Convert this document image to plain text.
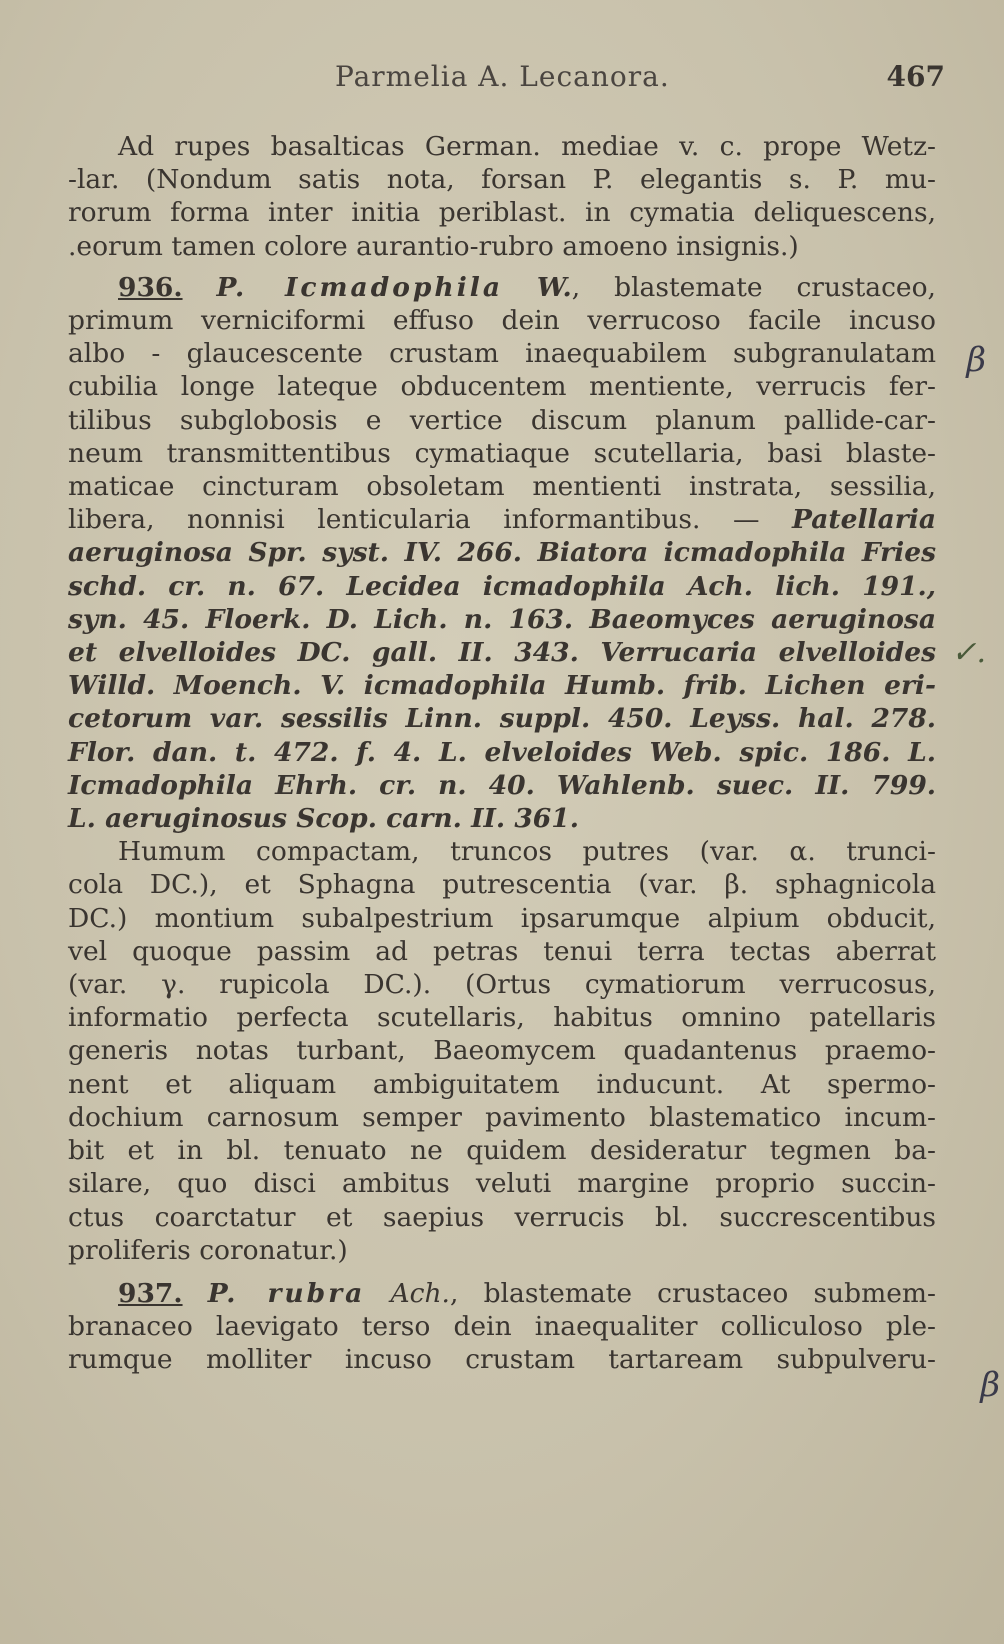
Parmelia A. Lecanora.	467
Ad rupes basalticas German. mediae v. c. prope Wetz-
-lar. (Nondum satis nota, forsan P. elegantis s. P. mu-
rorum forma inter initia periblast. in cymatia deliquescens,
.eorum tamen colore aurantio-rubro amoeno insignis.)
936. P. Icmadophila W., blastemate crustaceo,
primum verniciformi effuso dein verrucoso facile incuso
albo - glaucescente crustam inaequabilem subgranulatam
cubilia longe lateque obducentem mentiente, verrucis fer-
tilibus subglobosis e vertice discum planum pallide-car-
neum transmittentibus cymatiaque scutellaria, basi blaste-
maticae cincturam obsoletam mentienti instrata, sessilia,
libera, nonnisi lenticularia informantibus. — Patellaria
aeruginosa Spr. syst. IV. 266. Biatora icmadophila Fries
schd. cr. n. 67. Lecidea icmadophila Ach. lich. 191.,
syn. 45. Floerk. D. Lich. n. 163. Baeomyces aeruginosa
et elvelloides DC. gall. II. 343. Verrucaria elvelloides
Willd. Moench. V. icmadophila Humb. frib. Lichen eri-
cetorum var. sessilis Linn. suppl. 450. Leyss. hal. 278.
Flor. dan. t. 472. f. 4. L. elveloides Web. spic. 186. L.
Icmadophila Ehrh. cr. n. 40. Wahlenb. suec. II. 799.
L. aeruginosus Scop. carn. II. 361.
Humum compactam, truncos putres (var. α. trunci-
cola DC.), et Sphagna putrescentia (var. β. sphagnicola
DC.) montium subalpestrium ipsarumque alpium obducit,
vel quoque passim ad petras tenui terra tectas aberrat
(var. γ. rupicola DC.). (Ortus cymatiorum verrucosus,
informatio perfecta scutellaris, habitus omnino patellaris
generis notas turbant, Baeomycem quadantenus praemo-
nent et aliquam ambiguitatem inducunt. At spermo-
dochium carnosum semper pavimento blastematico incum-
bit et in bl. tenuato ne quidem desideratur tegmen ba-
silare, quo disci ambitus veluti margine proprio succin-
ctus coarctatur et saepius verrucis bl. succrescentibus
proliferis coronatur.)
937. P. rubra Ach., blastemate crustaceo submem-
branaceo laevigato terso dein inaequaliter colliculoso ple-
rumque molliter incuso crustam tartaream subpulveru-
β
✓.
β
